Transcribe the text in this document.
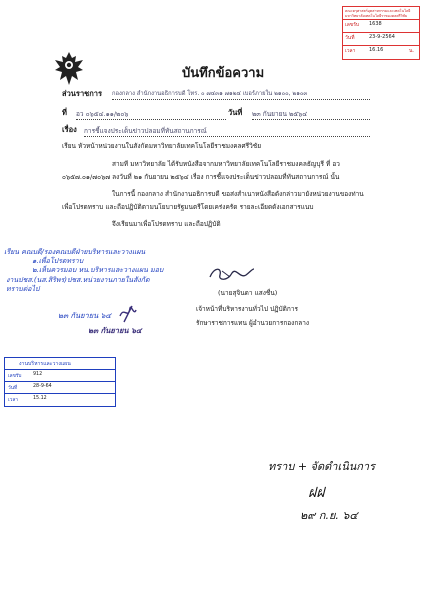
คณะครุศาสตร์อุตสาหกรรมและเทคโนโลยี
มหาวิทยาลัยเทคโนโลยีราชมงคลศรีวิชัย
เลขรับ 1638
วันที่	23-9-2564
เวลา	16.16	น.
บันทึกข้อความ
ส่วนราชการ กองกลาง สำนักงานอธิการบดี โทร. ๐ ๗๔๓๑ ๗๑๒๔ เบอร์ภายใน ๒๑๐๐, ๒๑๐๓
ที่ อว ๐๖๕๔.๑๑/๒๐๖	วันที่ ๒๓ กันยายน ๒๕๖๔
เรื่อง การชี้แจงประเด็นข่าวปลอมที่ทันสถานการณ์
เรียน หัวหน้าหน่วยงานในสังกัดมหาวิทยาลัยเทคโนโลยีราชมงคลศรีวิชัย
สามที มหาวิทยาลัย ได้รับหนังสือจากมหาวิทยาลัยเทคโนโลยีราชมงคลธัญบุรี ที่ อว
๐๖๕๗.๐๑/๗๐๖๗ ลงวันที่ ๒๑ กันยายน ๒๕๖๔ เรื่อง การชี้แจงประเด็นข่าวปลอมที่ทันสถานการณ์ นั้น
ในการนี้ กองกลาง สำนักงานอธิการบดี ขอส่งสำเนาหนังสือดังกล่าวมายังหน่วยงานของท่าน
เพื่อโปรดทราบ และถือปฏิบัติตามนโยบายรัฐมนตรีโดยเคร่งครัด รายละเอียดดังเอกสารแนบ
จึงเรียนมาเพื่อโปรดทราบ และถือปฏิบัติ
เรียน คณบดี/รองคณบดีฝ่ายบริหารและวางแผน
๑.เพื่อโปรดทราบ
๒.เห็นควรมอบ หน.บริหารและวางแผน มอบ
งานปชส.(นส.สิริพร)ปชส.หน่วยงานภายในสังกัด
ทราบต่อไป
๒๓ กันยายน ๖๔
๒๓ กันยายน ๖๔
(นายสุจินดา แสงชื่น)
เจ้าหน้าที่บริหารงานทั่วไป ปฏิบัติการ
รักษาราชการแทน ผู้อำนวยการกองกลาง
งานบริหารและวางแผน
เลขรับ 912
วันที่	28-9-64
เวลา	15.12
ทราบ + จัดดำเนินการ
ฝฝ
๒๙ ก.ย. ๖๔
